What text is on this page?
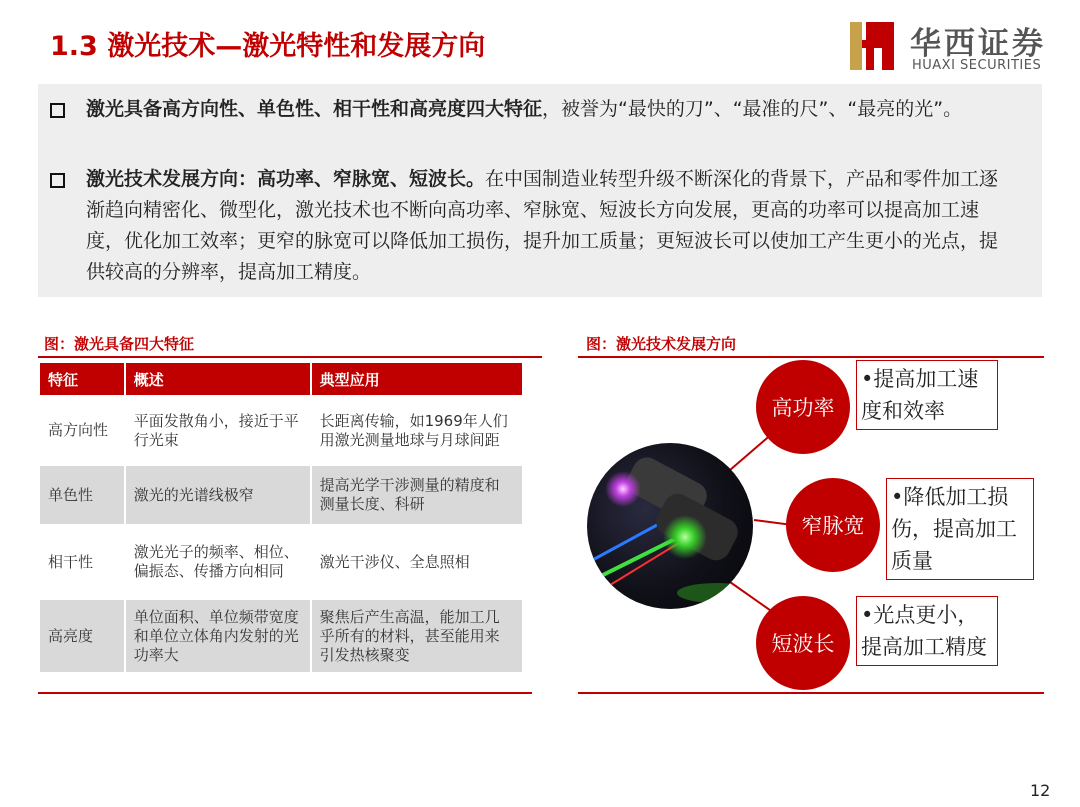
1.3 激光技术—激光特性和发展方向	华西证券
HUAXI SECURITIES
激光具备高方向性、单色性、相干性和高亮度四大特征，被誉为“最快的刀”、“最准的尺”、“最亮的光”。
激光技术发展方向：高功率、窄脉宽、短波长。在中国制造业转型升级不断深化的背景下，产品和零件加工逐渐趋向精密化、微型化，激光技术也不断向高功率、窄脉宽、短波长方向发展，更高的功率可以提高加工速度，优化加工效率；更窄的脉宽可以降低加工损伤，提升加工质量；更短波长可以使加工产生更小的光点，提供较高的分辨率，提高加工精度。
图：激光具备四大特征
特征	概述	典型应用
高方向性	平面发散角小，接近于平行光束	长距离传输，如1969年人们用激光测量地球与月球间距
单色性	激光的光谱线极窄	提高光学干涉测量的精度和测量长度、科研
相干性	激光光子的频率、相位、偏振态、传播方向相同	激光干涉仪、全息照相
高亮度	单位面积、单位频带宽度和单位立体角内发射的光功率大	聚焦后产生高温，能加工几乎所有的材料，甚至能用来引发热核聚变
图：激光技术发展方向
高功率
窄脉宽
短波长
•提高加工速度和效率
•降低加工损伤，提高加工质量
•光点更小，提高加工精度
12
